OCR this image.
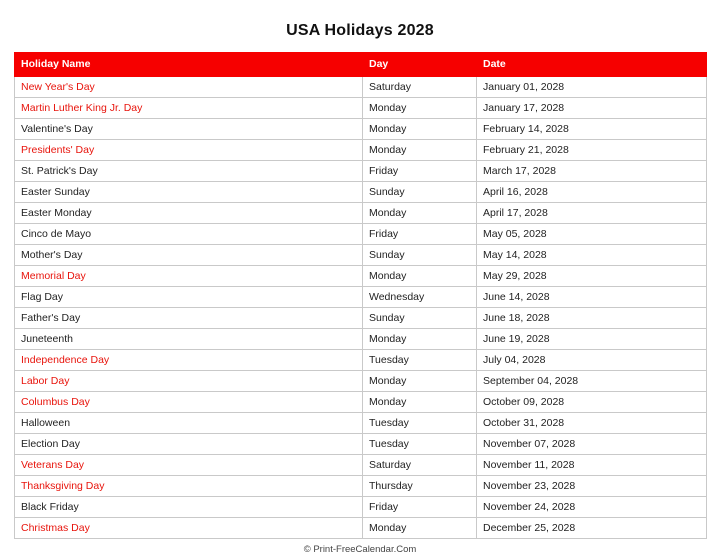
USA Holidays 2028
Holiday Name	Day	Date
New Year's Day	Saturday	January 01, 2028
Martin Luther King Jr. Day	Monday	January 17, 2028
Valentine's Day	Monday	February 14, 2028
Presidents' Day	Monday	February 21, 2028
St. Patrick's Day	Friday	March 17, 2028
Easter Sunday	Sunday	April 16, 2028
Easter Monday	Monday	April 17, 2028
Cinco de Mayo	Friday	May 05, 2028
Mother's Day	Sunday	May 14, 2028
Memorial Day	Monday	May 29, 2028
Flag Day	Wednesday	June 14, 2028
Father's Day	Sunday	June 18, 2028
Juneteenth	Monday	June 19, 2028
Independence Day	Tuesday	July 04, 2028
Labor Day	Monday	September 04, 2028
Columbus Day	Monday	October 09, 2028
Halloween	Tuesday	October 31, 2028
Election Day	Tuesday	November 07, 2028
Veterans Day	Saturday	November 11, 2028
Thanksgiving Day	Thursday	November 23, 2028
Black Friday	Friday	November 24, 2028
Christmas Day	Monday	December 25, 2028
© Print-FreeCalendar.Com
